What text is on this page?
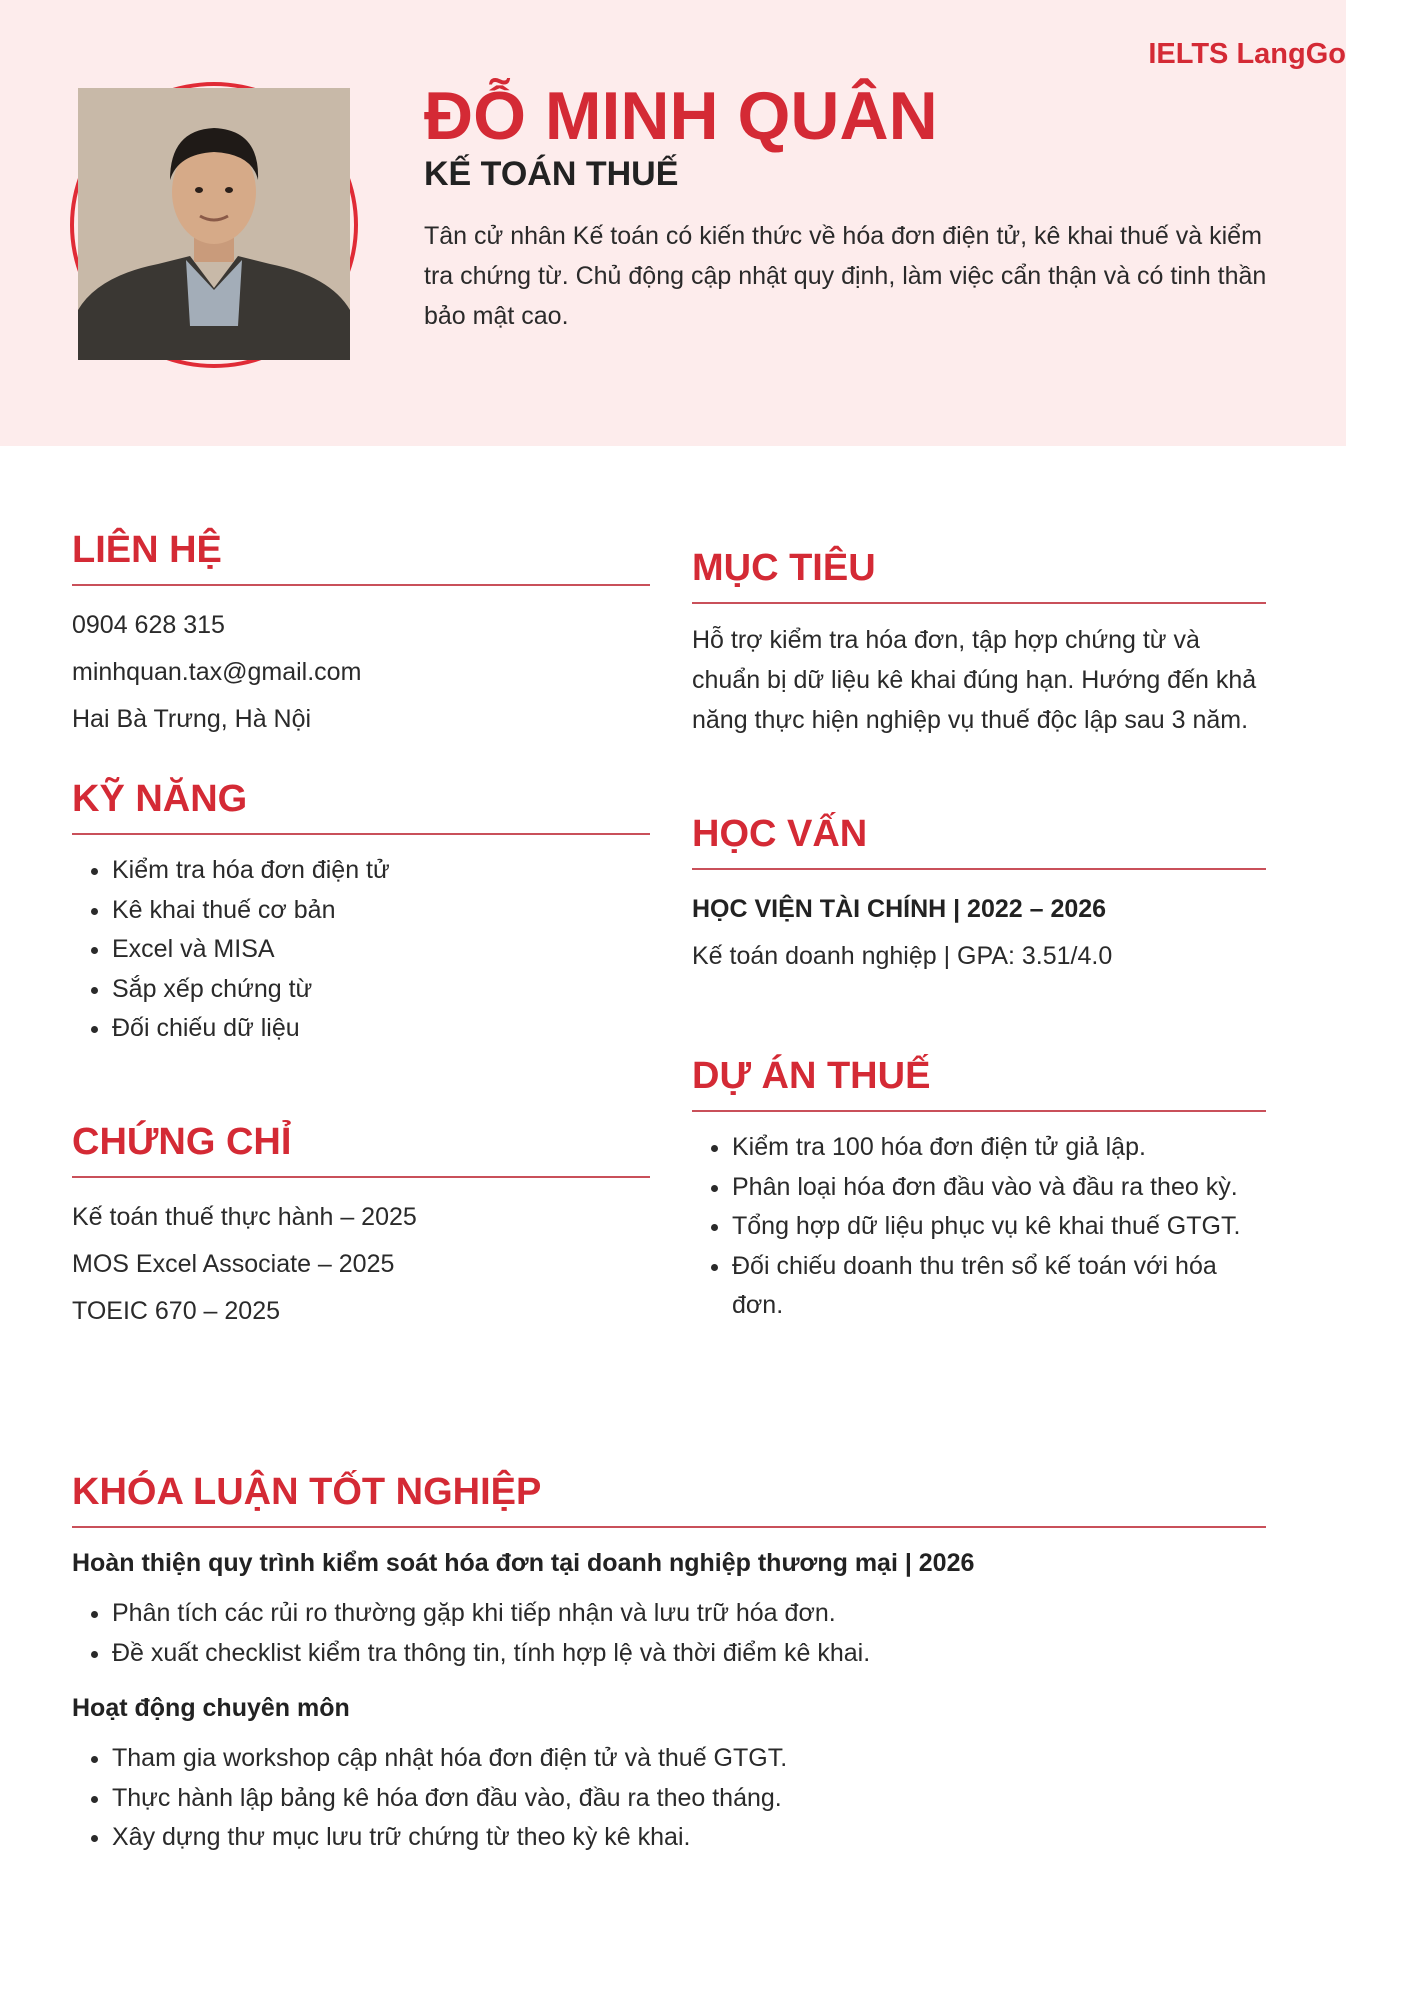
IELTS LangGo
ĐỖ MINH QUÂN
KẾ TOÁN THUẾ

Tân cử nhân Kế toán có kiến thức về hóa đơn điện tử, kê khai thuế và kiểm tra chứng từ. Chủ động cập nhật quy định, làm việc cẩn thận và có tinh thần bảo mật cao.

LIÊN HỆ
0904 628 315
minhquan.tax@gmail.com
Hai Bà Trưng, Hà Nội
KỸ NĂNG
• Kiểm tra hóa đơn điện tử
• Kê khai thuế cơ bản
• Excel và MISA
• Sắp xếp chứng từ
• Đối chiếu dữ liệu
CHỨNG CHỈ
Kế toán thuế thực hành – 2025
MOS Excel Associate – 2025
TOEIC 670 – 2025
MỤC TIÊU

Hỗ trợ kiểm tra hóa đơn, tập hợp chứng từ và chuẩn bị dữ liệu kê khai đúng hạn. Hướng đến khả năng thực hiện nghiệp vụ thuế độc lập sau 3 năm.

HỌC VẤN

HỌC VIỆN TÀI CHÍNH | 2022 – 2026

Kế toán doanh nghiệp | GPA: 3.51/4.0

DỰ ÁN THUẾ
• Kiểm tra 100 hóa đơn điện tử giả lập.
• Phân loại hóa đơn đầu vào và đầu ra theo kỳ.
• Tổng hợp dữ liệu phục vụ kê khai thuế GTGT.
• Đối chiếu doanh thu trên sổ kế toán với hóa đơn.
KHÓA LUẬN TỐT NGHIỆP

Hoàn thiện quy trình kiểm soát hóa đơn tại doanh nghiệp thương mại | 2026

• Phân tích các rủi ro thường gặp khi tiếp nhận và lưu trữ hóa đơn.
• Đề xuất checklist kiểm tra thông tin, tính hợp lệ và thời điểm kê khai.

Hoạt động chuyên môn

• Tham gia workshop cập nhật hóa đơn điện tử và thuế GTGT.
• Thực hành lập bảng kê hóa đơn đầu vào, đầu ra theo tháng.
• Xây dựng thư mục lưu trữ chứng từ theo kỳ kê khai.
